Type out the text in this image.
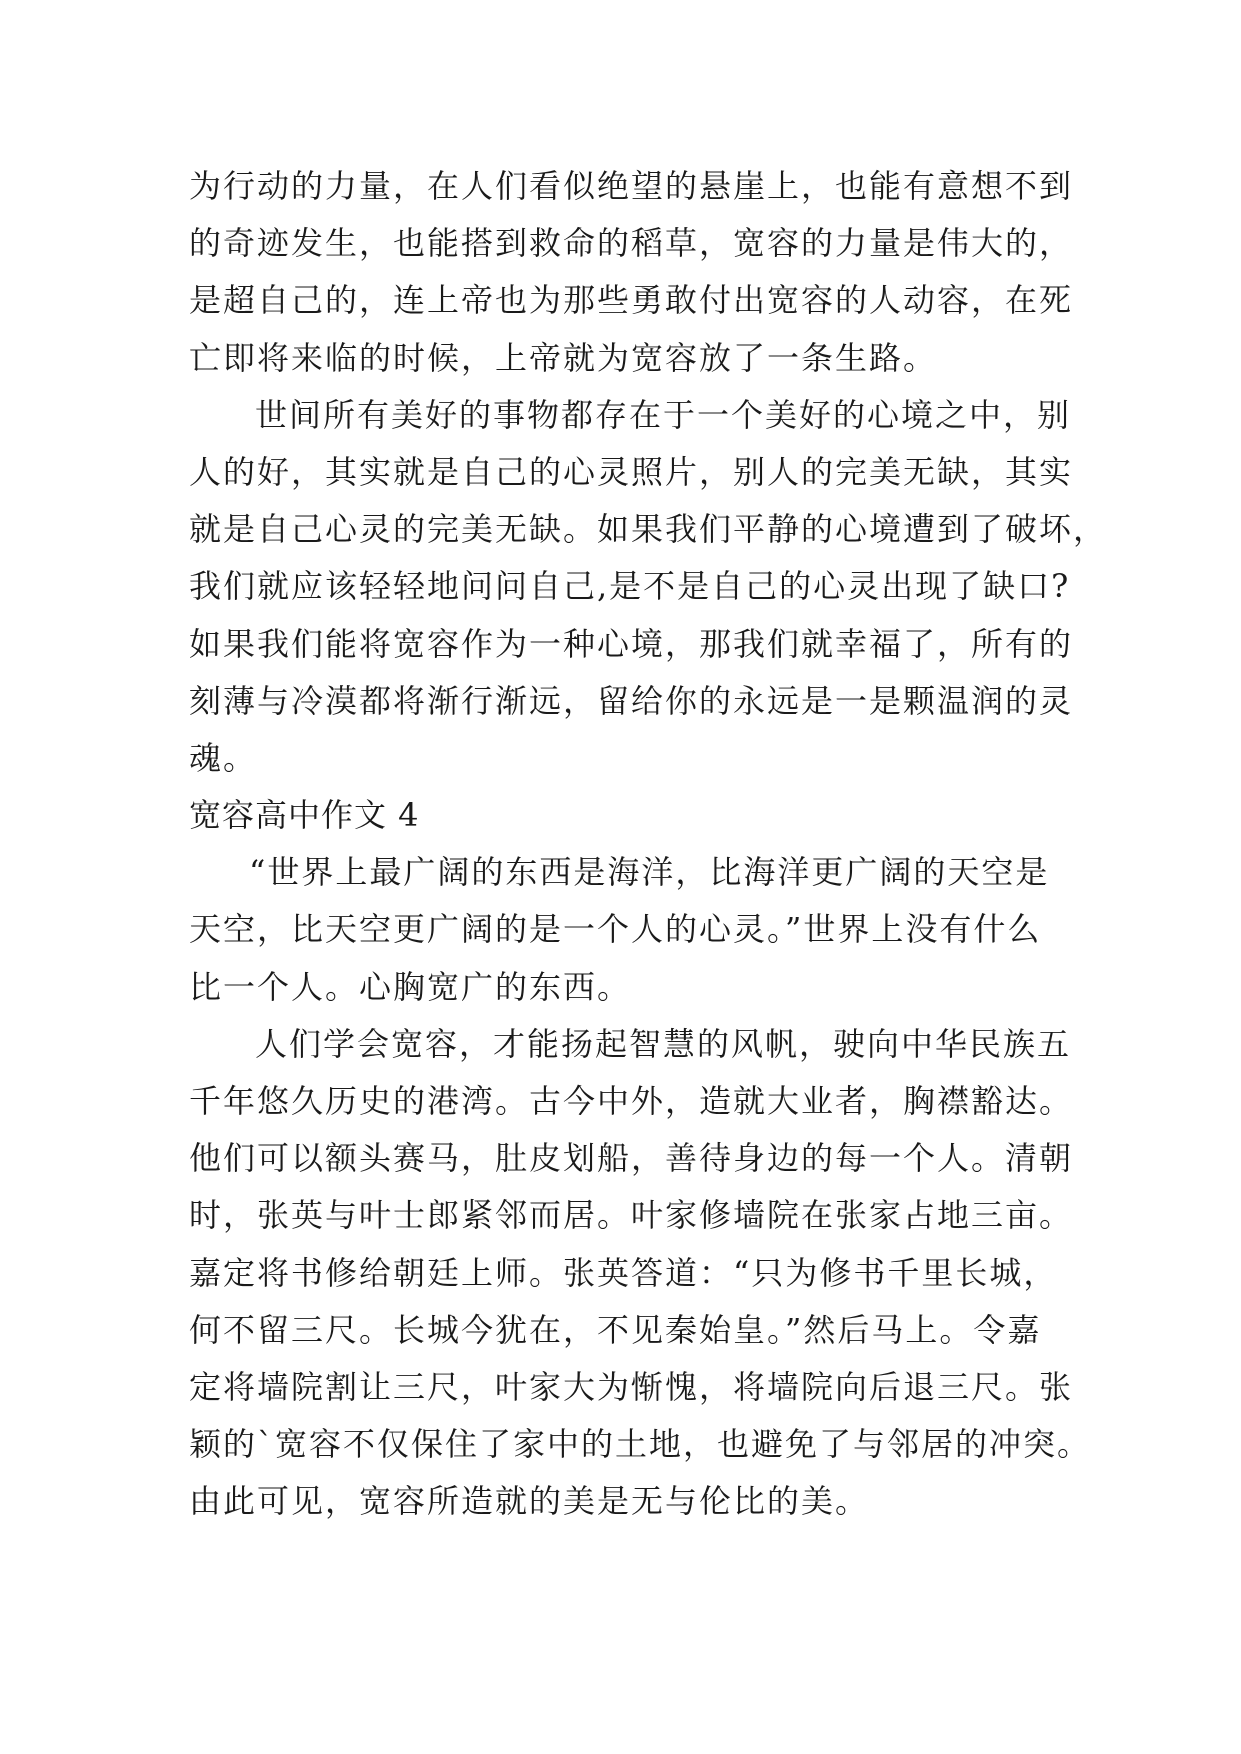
为行动的力量，在人们看似绝望的悬崖上，也能有意想不到
的奇迹发生，也能搭到救命的稻草，宽容的力量是伟大的，
是超自己的，连上帝也为那些勇敢付出宽容的人动容，在死
亡即将来临的时候，上帝就为宽容放了一条生路。
世间所有美好的事物都存在于一个美好的心境之中，别
人的好，其实就是自己的心灵照片，别人的完美无缺，其实
就是自己心灵的完美无缺。如果我们平静的心境遭到了破坏，
我们就应该轻轻地问问自己,是不是自己的心灵出现了缺口?
如果我们能将宽容作为一种心境，那我们就幸福了，所有的
刻薄与冷漠都将渐行渐远，留给你的永远是一是颗温润的灵
魂。
宽容高中作文 4
“世界上最广阔的东西是海洋，比海洋更广阔的天空是
天空，比天空更广阔的是一个人的心灵。”世界上没有什么
比一个人。心胸宽广的东西。
人们学会宽容，才能扬起智慧的风帆，驶向中华民族五
千年悠久历史的港湾。古今中外，造就大业者，胸襟豁达。
他们可以额头赛马，肚皮划船，善待身边的每一个人。清朝
时，张英与叶士郎紧邻而居。叶家修墙院在张家占地三亩。
嘉定将书修给朝廷上师。张英答道：“只为修书千里长城，
何不留三尺。长城今犹在，不见秦始皇。”然后马上。令嘉
定将墙院割让三尺，叶家大为惭愧，将墙院向后退三尺。张
颖的`宽容不仅保住了家中的土地，也避免了与邻居的冲突。
由此可见，宽容所造就的美是无与伦比的美。
